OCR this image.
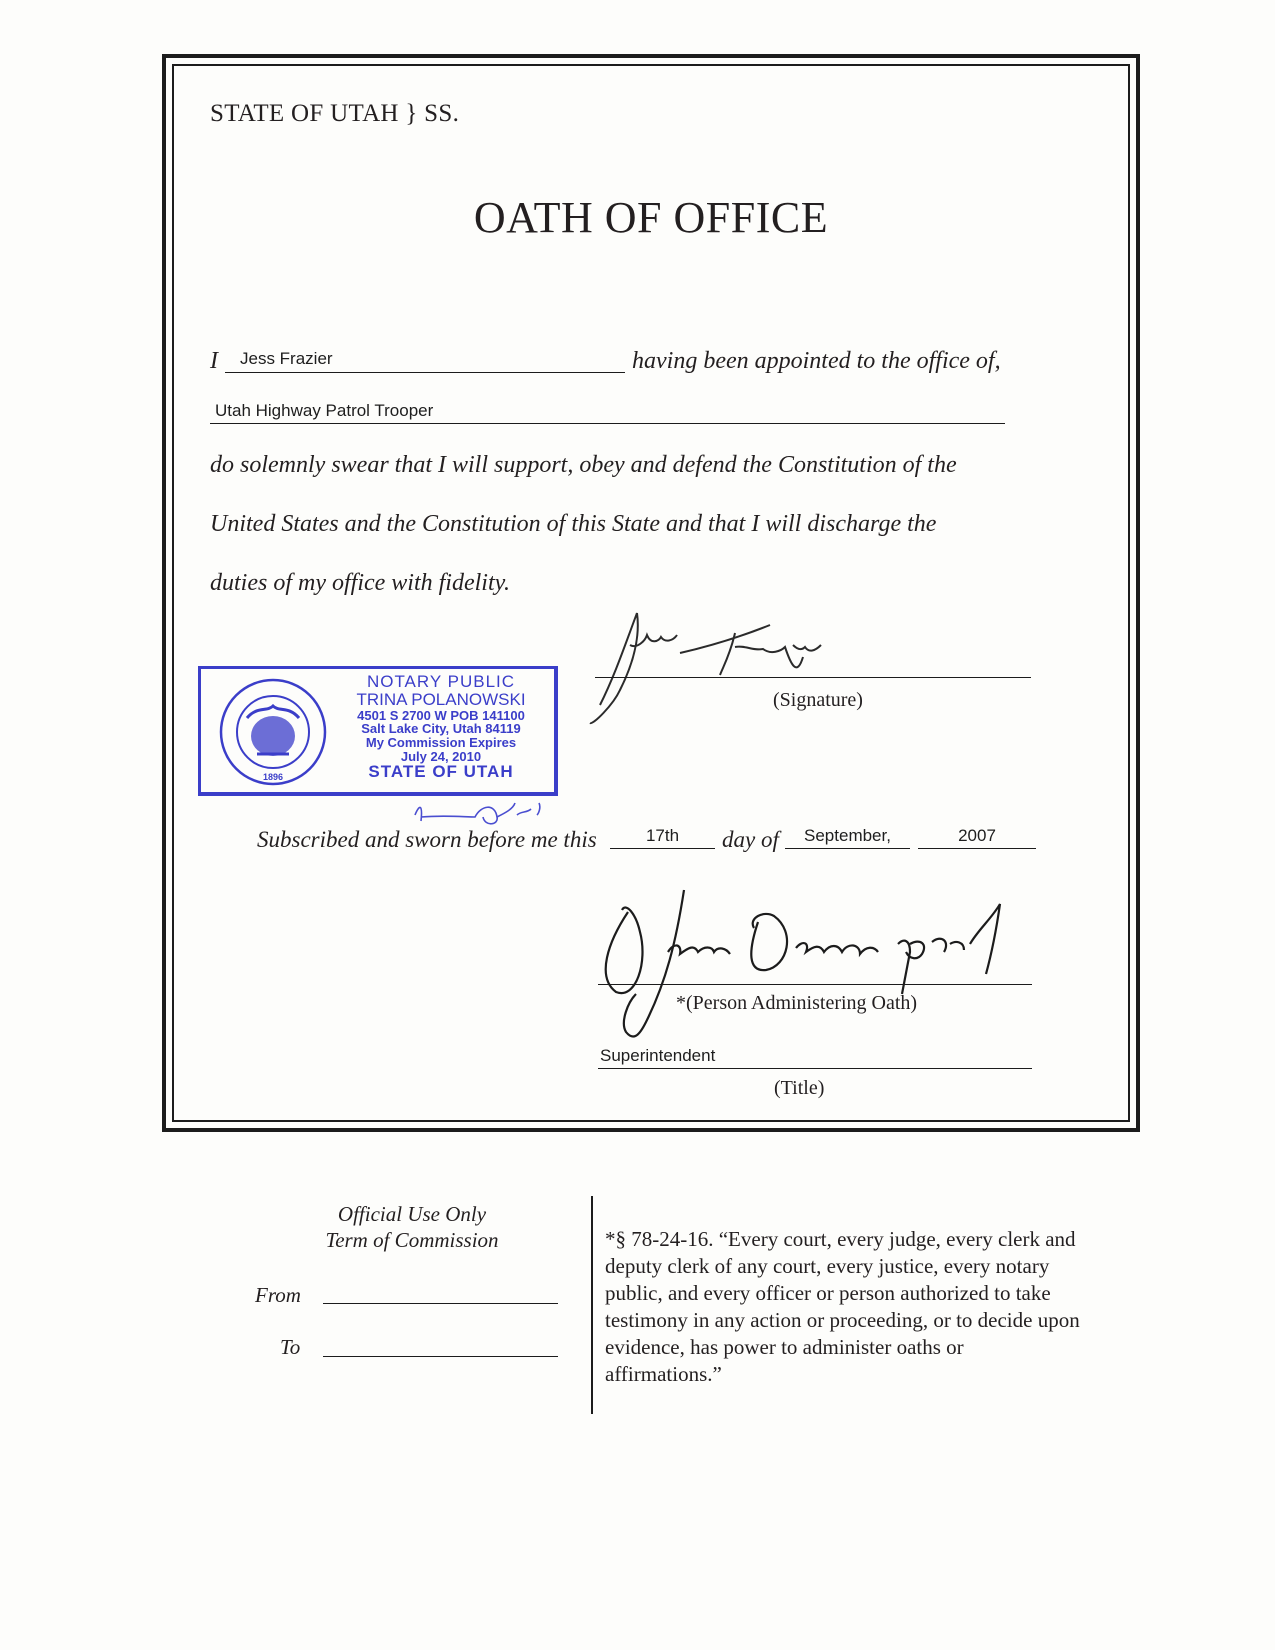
STATE OF UTAH } SS.
OATH OF OFFICE
I Jess Frazier	having been appointed to the office of,
Utah Highway Patrol Trooper
do solemnly swear that I will support, obey and defend the Constitution of the
United States and the Constitution of this State and that I will discharge the
duties of my office with fidelity.
(Signature)
1896
NOTARY PUBLIC
TRINA POLANOWSKI
4501 S 2700 W POB 141100
Salt Lake City, Utah 84119
My Commission Expires
July 24, 2010
STATE OF UTAH
Subscribed and sworn before me this	17th	day of	September,	2007
*(Person Administering Oath)
Superintendent
(Title)
Official Use Only
Term of Commission
From
To
*§ 78-24-16. “Every court, every judge, every clerk and deputy clerk of any court, every justice, every notary public, and every officer or person authorized to take testimony in any action or proceeding, or to decide upon evidence, has power to administer oaths or affirmations.”
